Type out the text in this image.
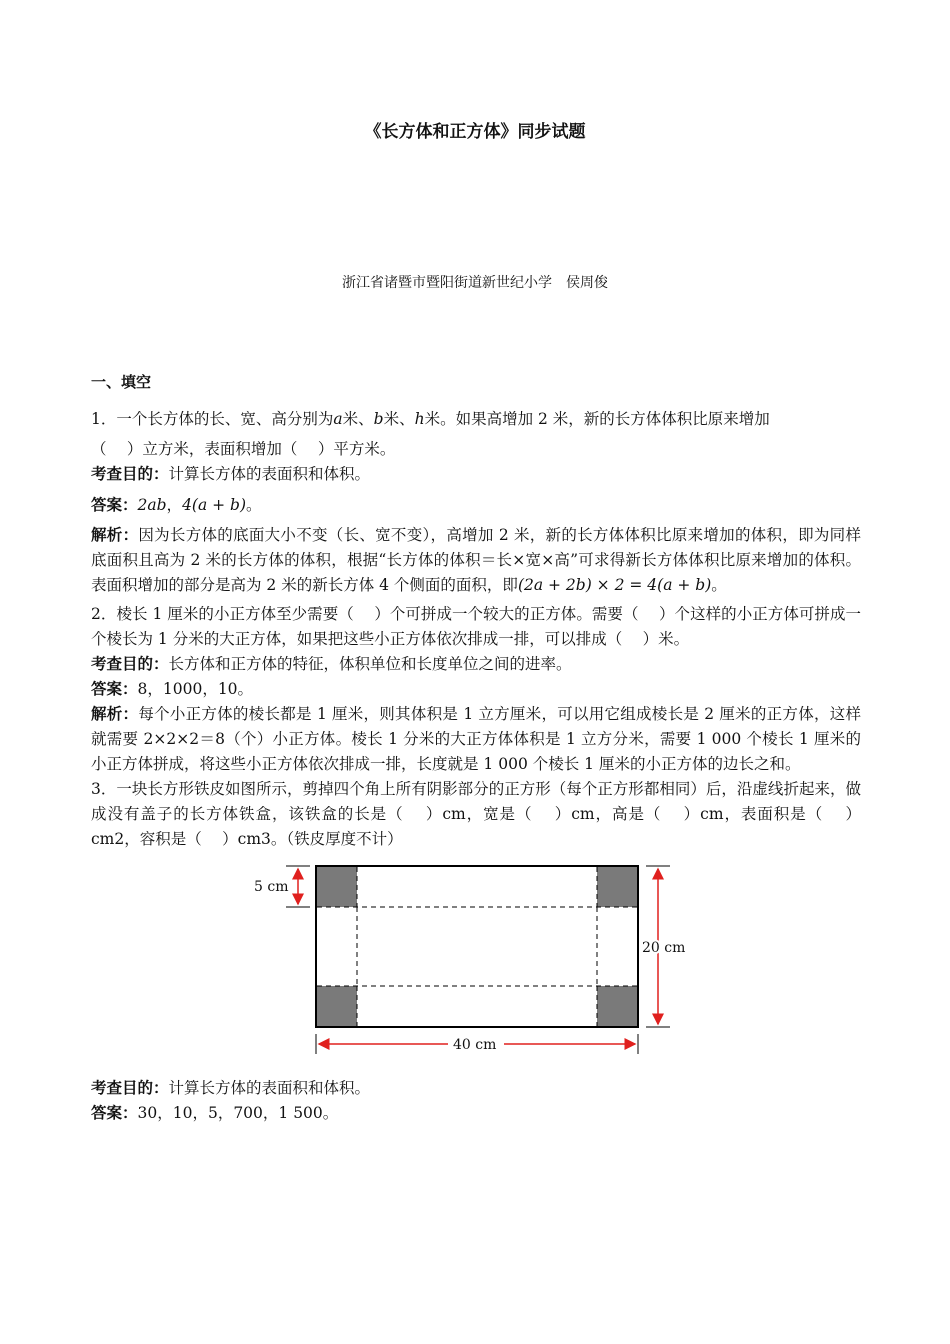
《长方体和正方体》同步试题
浙江省诸暨市暨阳街道新世纪小学　侯周俊
一、填空

1．一个长方体的长、宽、高分别为a米、b米、h米。如果高增加 2 米，新的长方体体积比原来增加

（　 ）立方米，表面积增加（　 ）平方米。

考查目的：计算长方体的表面积和体积。

答案：2ab，4(a + b)。

解析：因为长方体的底面大小不变（长、宽不变），高增加 2 米，新的长方体体积比原来增加的体积，即为同样底面积且高为 2 米的长方体的体积，根据“长方体的体积＝长×宽×高”可求得新长方体体积比原来增加的体积。表面积增加的部分是高为 2 米的新长方体 4 个侧面的面积，即(2a + 2b) × 2 = 4(a + b)。

2．棱长 1 厘米的小正方体至少需要（　 ）个可拼成一个较大的正方体。需要（　 ）个这样的小正方体可拼成一个棱长为 1 分米的大正方体，如果把这些小正方体依次排成一排，可以排成（　 ）米。

考查目的：长方体和正方体的特征，体积单位和长度单位之间的进率。

答案：8，1000，10。

解析：每个小正方体的棱长都是 1 厘米，则其体积是 1 立方厘米，可以用它组成棱长是 2 厘米的正方体，这样就需要 2×2×2＝8（个）小正方体。棱长 1 分米的大正方体体积是 1 立方分米，需要 1 000 个棱长 1 厘米的小正方体拼成，将这些小正方体依次排成一排，长度就是 1 000 个棱长 1 厘米的小正方体的边长之和。

3．一块长方形铁皮如图所示，剪掉四个角上所有阴影部分的正方形（每个正方形都相同）后，沿虚线折起来，做成没有盖子的长方体铁盒，该铁盒的长是（　 ）cm，宽是（　 ）cm，高是（　 ）cm，表面积是（　 ）cm2，容积是（　 ）cm3。（铁皮厚度不计）

5 cm
20 cm
40 cm

考查目的：计算长方体的表面积和体积。

答案：30，10，5，700，1 500。
